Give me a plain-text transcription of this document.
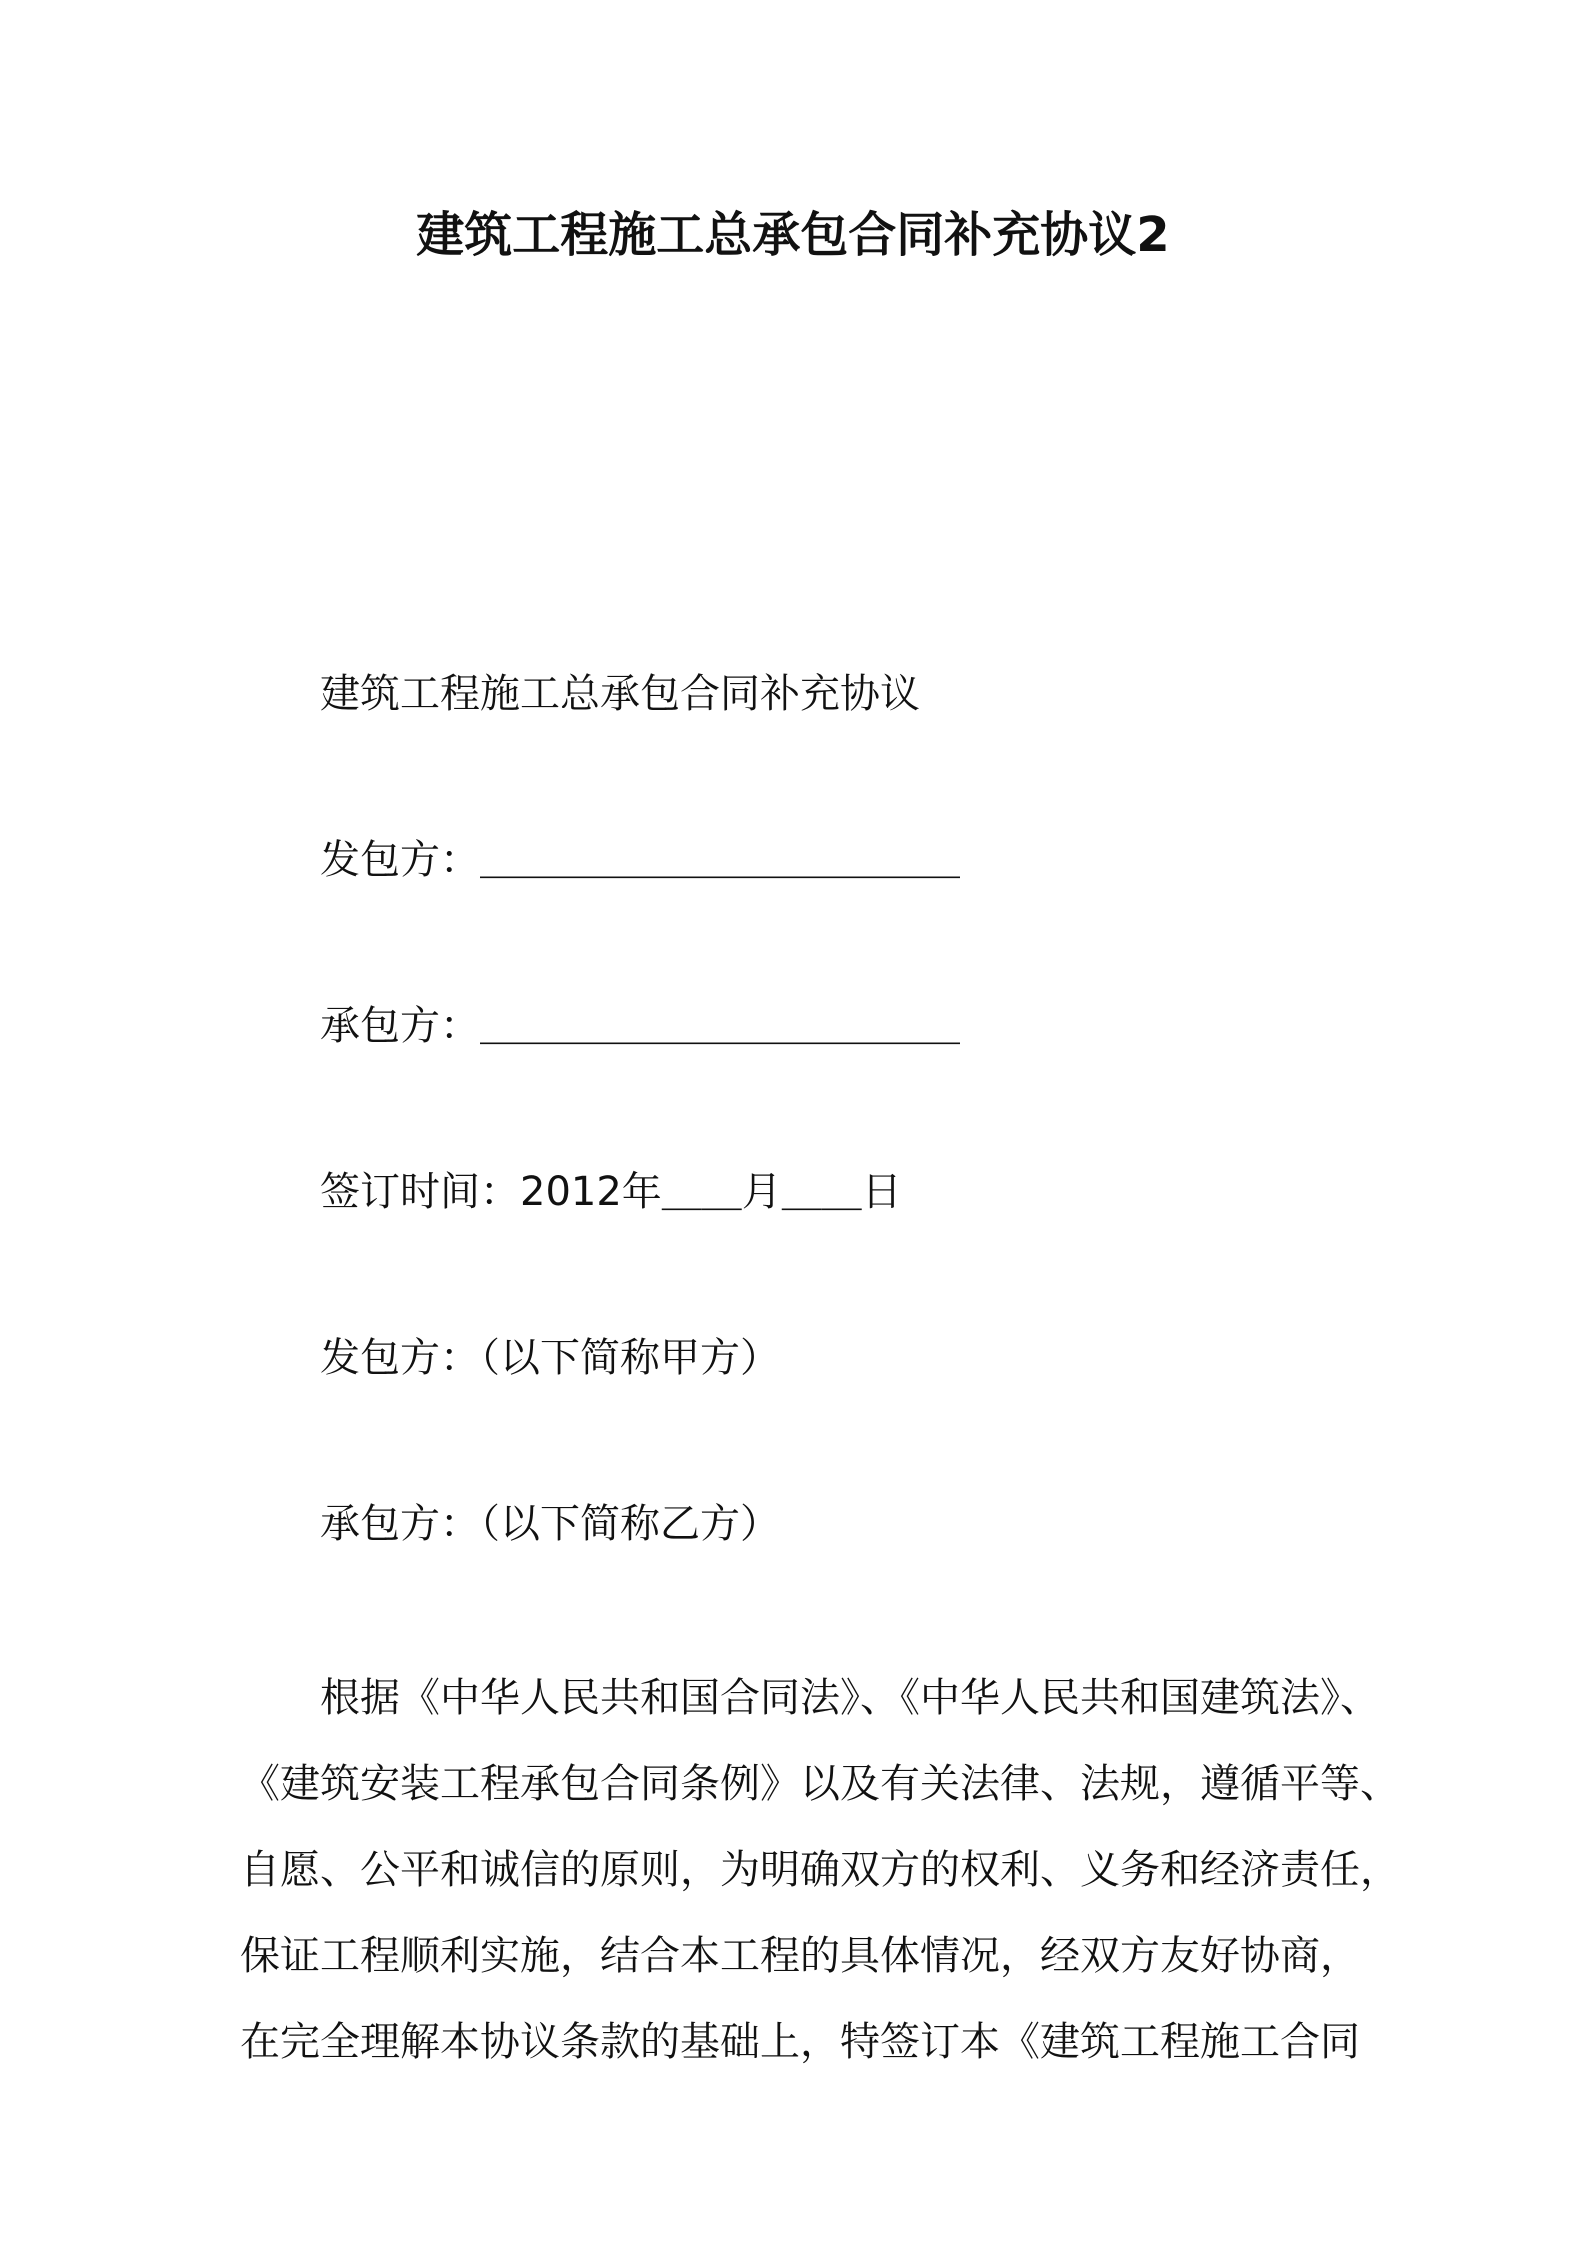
建筑工程施工总承包合同补充协议2

建筑工程施工总承包合同补充协议

发包方：＿＿＿＿＿＿＿＿＿＿＿＿

承包方：＿＿＿＿＿＿＿＿＿＿＿＿

签订时间：2012年＿＿月＿＿日

发包方：（以下简称甲方）

承包方：（以下简称乙方）

根据《中华人民共和国合同法》、《中华人民共和国建筑法》、
《建筑安装工程承包合同条例》以及有关法律、法规，遵循平等、
自愿、公平和诚信的原则，为明确双方的权利、义务和经济责任，
保证工程顺利实施，结合本工程的具体情况，经双方友好协商，
在完全理解本协议条款的基础上，特签订本《建筑工程施工合同
